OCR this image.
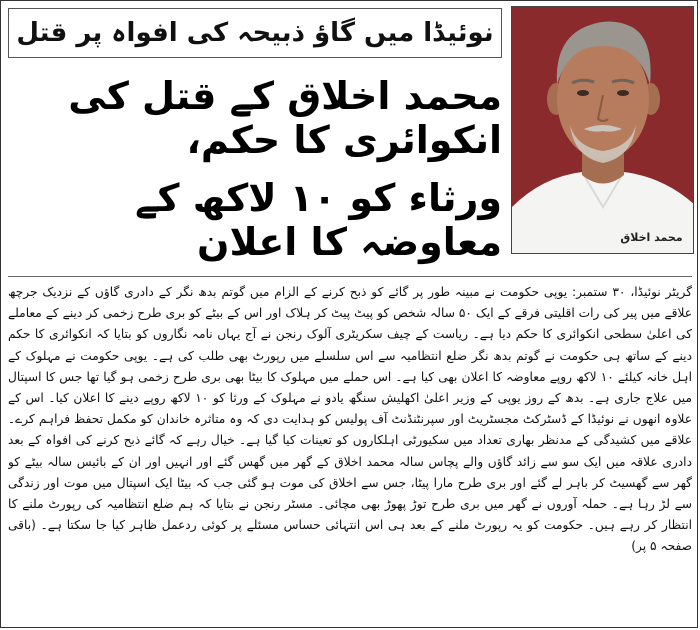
نوئیڈا میں گاؤ ذبیحہ کی افواہ پر قتل
محمد اخلاق کے قتل کی انکوائری کا حکم،
ورثاء کو ۱۰ لاکھ کے معاوضہ کا اعلان	محمد اخلاق

گریٹر نوئیڈا، ۳۰ ستمبر: یوپی حکومت نے مبینہ طور پر گائے کو ذبح کرنے کے الزام میں گوتم بدھ نگر کے دادری گاؤں کے نزدیک جرچھ علاقے میں پیر کی رات اقلیتی فرقے کے ایک ۵۰ سالہ شخص کو پیٹ پیٹ کر ہلاک اور اس کے بیٹے کو بری طرح زخمی کر دینے کے معاملے کی اعلیٰ سطحی انکوائری کا حکم دیا ہے۔ ریاست کے چیف سکریٹری آلوک رنجن نے آج یہاں نامہ نگاروں کو بتایا کہ انکوائری کا حکم دینے کے ساتھ ہی حکومت نے گوتم بدھ نگر ضلع انتظامیہ سے اس سلسلے میں رپورٹ بھی طلب کی ہے۔ یوپی حکومت نے مہلوک کے اہل خانہ کیلئے ۱۰ لاکھ روپے معاوضہ کا اعلان بھی کیا ہے۔ اس حملے میں مہلوک کا بیٹا بھی بری طرح زخمی ہو گیا تھا جس کا اسپتال میں علاج جاری ہے۔ بدھ کے روز یوپی کے وزیر اعلیٰ اکھلیش سنگھ یادو نے مہلوک کے ورثا کو ۱۰ لاکھ روپے دینے کا اعلان کیا۔ اس کے علاوہ انھوں نے نوئیڈا کے ڈسٹرکٹ مجسٹریٹ اور سپرنٹنڈنٹ آف پولیس کو ہدایت دی کہ وہ متاثرہ خاندان کو مکمل تحفظ فراہم کرے۔ علاقے میں کشیدگی کے مدنظر بھاری تعداد میں سکیورٹی اہلکاروں کو تعینات کیا گیا ہے۔ خیال رہے کہ گائے ذبح کرنے کی افواہ کے بعد دادری علاقہ میں ایک سو سے زائد گاؤں والے پچاس سالہ محمد اخلاق کے گھر میں گھس گئے اور انہیں اور ان کے بائیس سالہ بیٹے کو گھر سے گھسیٹ کر باہر لے گئے اور بری طرح مارا پیٹا، جس سے اخلاق کی موت ہو گئی جب کہ بیٹا ایک اسپتال میں موت اور زندگی سے لڑ رہا ہے۔ حملہ آوروں نے گھر میں بری طرح توڑ پھوڑ بھی مچائی۔ مسٹر رنجن نے بتایا کہ ہم ضلع انتظامیہ کی رپورٹ ملنے کا انتظار کر رہے ہیں۔ حکومت کو یہ رپورٹ ملنے کے بعد ہی اس انتہائی حساس مسئلے پر کوئی ردعمل ظاہر کیا جا سکتا ہے۔ (باقی صفحہ ۵ پر)
